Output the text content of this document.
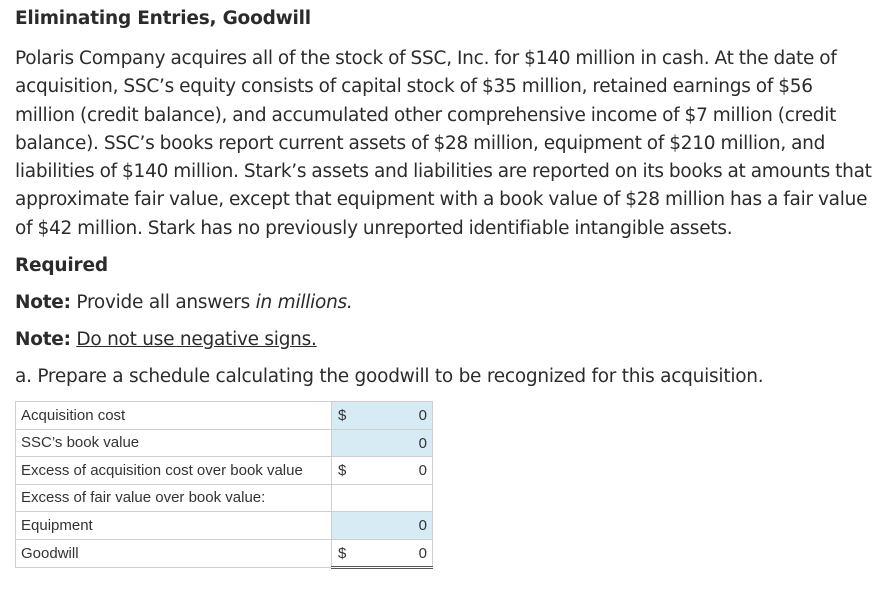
Eliminating Entries, Goodwill

Polaris Company acquires all of the stock of SSC, Inc. for $140 million in cash. At the date of acquisition, SSC’s equity consists of capital stock of $35 million, retained earnings of $56 million (credit balance), and accumulated other comprehensive income of $7 million (credit balance). SSC’s books report current assets of $28 million, equipment of $210 million, and liabilities of $140 million. Stark’s assets and liabilities are reported on its books at amounts that approximate fair value, except that equipment with a book value of $28 million has a fair value of $42 million. Stark has no previously unreported identifiable intangible assets.

Required
Note: Provide all answers in millions.
Note: Do not use negative signs.
a. Prepare a schedule calculating the goodwill to be recognized for this acquisition.
Acquisition cost	$ 0

SSC’s book value	0

Excess of acquisition cost over book value	$ 0

Excess of fair value over book value:	
Equipment	0

Goodwill	$ 0
